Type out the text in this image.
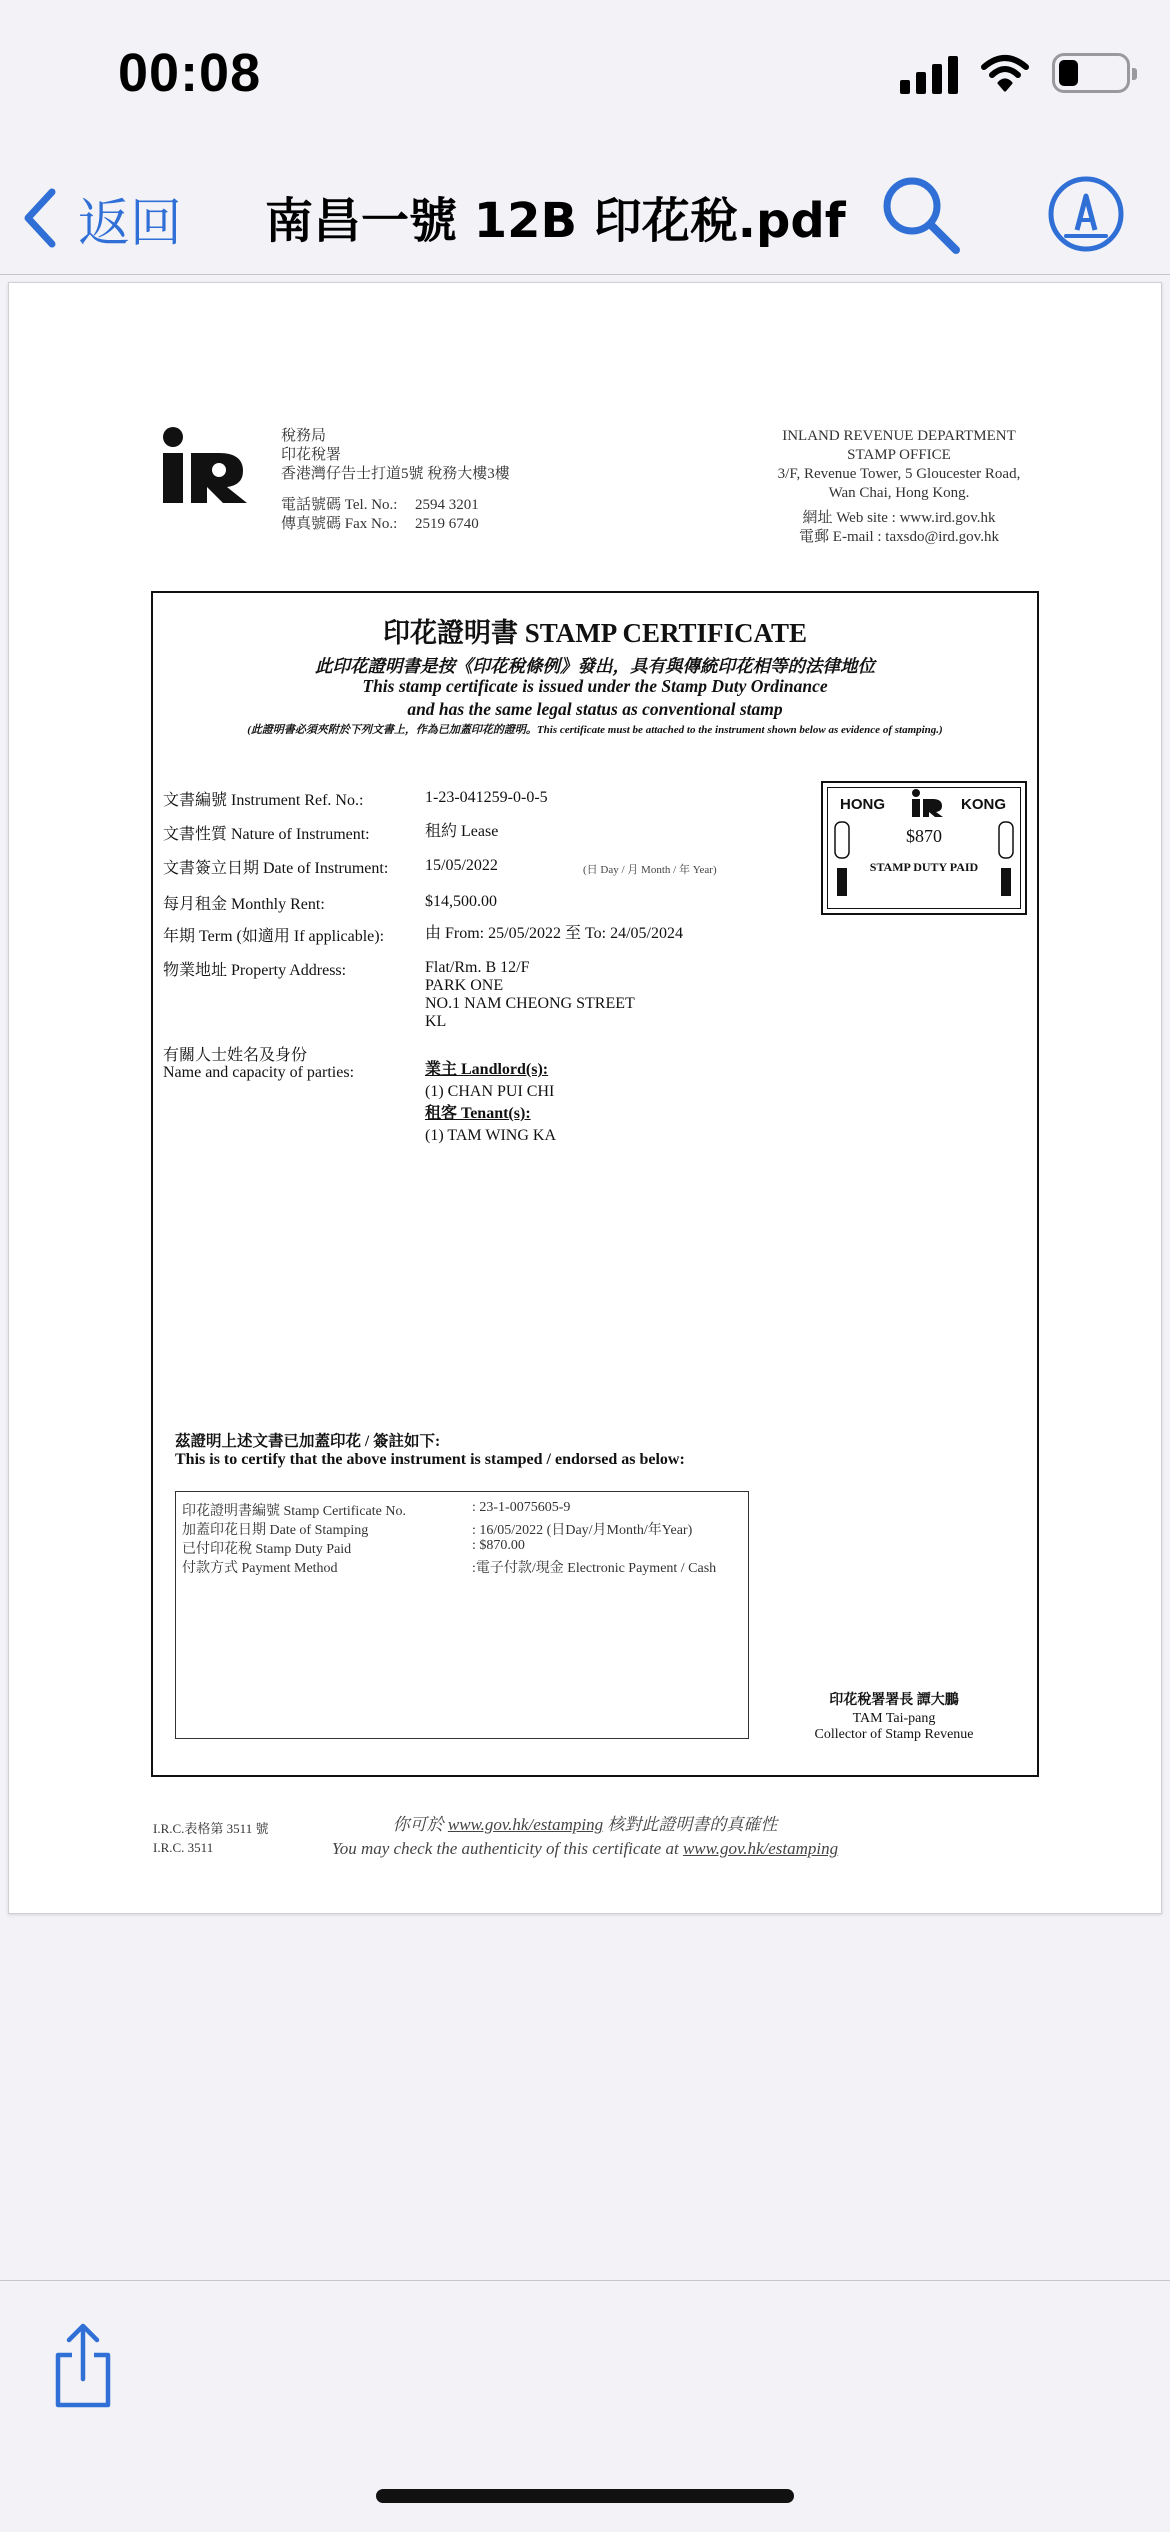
00:08
返回 南昌一號 12B 印花稅.pdf
稅務局
印花稅署
香港灣仔告士打道5號 稅務大樓3樓
電話號碼 Tel. No.:	2594 3201
傳真號碼 Fax No.:	2519 6740
INLAND REVENUE DEPARTMENT
STAMP OFFICE
3/F, Revenue Tower, 5 Gloucester Road,
Wan Chai, Hong Kong.
網址 Web site : www.ird.gov.hk
電郵 E-mail : taxsdo@ird.gov.hk
印花證明書 STAMP CERTIFICATE
此印花證明書是按《印花稅條例》發出，具有與傳統印花相等的法律地位
This stamp certificate is issued under the Stamp Duty Ordinance
and has the same legal status as conventional stamp
(此證明書必須夾附於下列文書上，作為已加蓋印花的證明。This certificate must be attached to the instrument shown below as evidence of stamping.)
文書編號 Instrument Ref. No.:	1-23-041259-0-0-5
文書性質 Nature of Instrument:	租約 Lease
文書簽立日期 Date of Instrument: 15/05/2022	(日 Day / 月 Month / 年 Year)
每月租金 Monthly Rent:	$14,500.00
年期 Term (如適用 If applicable):	由 From: 25/05/2022 至 To: 24/05/2024
物業地址 Property Address:	Flat/Rm. B 12/F
PARK ONE
NO.1 NAM CHEONG STREET
KL
有關人士姓名及身份
Name and capacity of parties:	業主 Landlord(s):
(1) CHAN PUI CHI
租客 Tenant(s):
(1) TAM WING KA
HONG	KONG
$870
STAMP DUTY PAID
茲證明上述文書已加蓋印花 / 簽註如下:
This is to certify that the above instrument is stamped / endorsed as below:
印花證明書編號 Stamp Certificate No.	: 23-1-0075605-9
加蓋印花日期 Date of Stamping	: 16/05/2022 (日Day/月Month/年Year)
已付印花稅 Stamp Duty Paid	: $870.00
付款方式 Payment Method	:電子付款/現金 Electronic Payment / Cash
印花稅署署長 譚大鵬
TAM Tai-pang
Collector of Stamp Revenue
I.R.C.表格第 3511 號
I.R.C. 3511
你可於 www.gov.hk/estamping 核對此證明書的真確性
You may check the authenticity of this certificate at www.gov.hk/estamping
